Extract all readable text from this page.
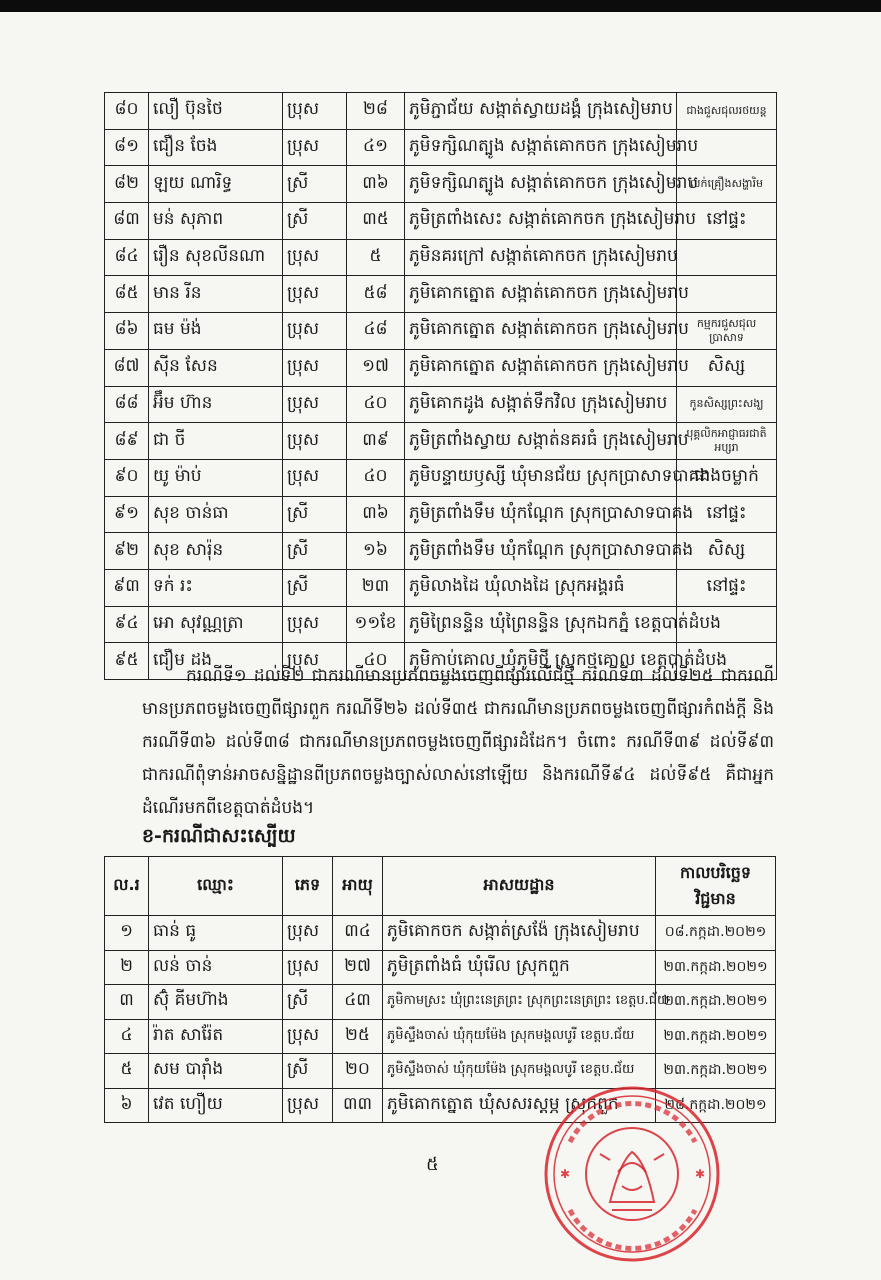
៨០	លឿ ប៊ុនថៃ	ប្រុស	២៨	ភូមិភ្ជាជ័យ សង្កាត់ស្វាយដង្គំ ក្រុងសៀមរាប	ជាងជួសជុលរថយន្ត
៨១	ជឿន ចែង	ប្រុស	៤១	ភូមិទក្សិណត្បូង សង្កាត់គោកចក ក្រុងសៀមរាប	
៨២	ឡយ ណារិទ្ធ	ស្រី	៣៦	ភូមិទក្សិណត្បូង សង្កាត់គោកចក ក្រុងសៀមរាប	លក់គ្រឿងសង្ហារិម
៨៣	មន់ សុភាព	ស្រី	៣៥	ភូមិត្រពាំងសេះ សង្កាត់គោកចក ក្រុងសៀមរាប	នៅផ្ទះ
៨៤	រឿន សុខលីនណា	ប្រុស	៥	ភូមិនគរក្រៅ សង្កាត់គោកចក ក្រុងសៀមរាប	
៨៥	មាន រីន	ប្រុស	៥៨	ភូមិគោកត្នោត សង្កាត់គោកចក ក្រុងសៀមរាប	
៨៦	ធម ម៉ង់	ប្រុស	៤៨	ភូមិគោកត្នោត សង្កាត់គោកចក ក្រុងសៀមរាប	កម្មករជួសជុលប្រាសាទ
៨៧	ស៊ីន សែន	ប្រុស	១៧	ភូមិគោកត្នោត សង្កាត់គោកចក ក្រុងសៀមរាប	សិស្ស
៨៨	អ៊ឹម ហ៊ាន	ប្រុស	៤០	ភូមិគោកដូង សង្កាត់ទឹកវិល ក្រុងសៀមរាប	កូនសិស្សព្រះសង្ឃ
៨៩	ជា ចី	ប្រុស	៣៩	ភូមិត្រពាំងស្វាយ សង្កាត់នគរធំ ក្រុងសៀមរាប	បុគ្គលិកអាជ្ញាធរជាតិអប្សរា
៩០	យូ ម៉ាប់	ប្រុស	៤០	ភូមិបន្ទាយឫស្សី ឃុំមានជ័យ ស្រុកប្រាសាទបាគង	ជាងចម្លាក់
៩១	សុខ ចាន់ធា	ស្រី	៣៦	ភូមិត្រពាំងទឹម ឃុំកណ្ដែក ស្រុកប្រាសាទបាគង	នៅផ្ទះ
៩២	សុខ សារ៉ុន	ស្រី	១៦	ភូមិត្រពាំងទឹម ឃុំកណ្ដែក ស្រុកប្រាសាទបាគង	សិស្ស
៩៣	ទក់ រះ	ស្រី	២៣	ភូមិលាងដៃ ឃុំលាងដៃ ស្រុកអង្គរធំ	នៅផ្ទះ
៩៤	អោ សុវណ្ណត្រា	ប្រុស	១១ខែ	ភូមិព្រៃនន្ទិន ឃុំព្រៃនន្ទិន ស្រុកឯកភ្នំ ខេត្តបាត់ដំបង	
៩៥	ជឿម ដង	ប្រុស	៤០	ភូមិកាប់គោល ឃុំភូមិថ្មី ស្រុកថ្មគោល ខេត្តបាត់ដំបង	
ករណីទី១ ដល់ទី២ ជាករណីមានប្រភពចម្លងចេញពីផ្សារលើជំថ្មី ករណីទី៣ ដល់ទី២៥ ជាករណីមានប្រភពចម្លងចេញពីផ្សារពួក ករណីទី២៦ ដល់ទី៣៥ ជាករណីមានប្រភពចម្លងចេញពីផ្សារកំពង់ក្ដី និងករណីទី៣៦ ដល់ទី៣៨ ជាករណីមានប្រភពចម្លងចេញពីផ្សារដំដែក។ ចំពោះ ករណីទី៣៩ ដល់ទី៩៣ ជាករណីពុំទាន់អាចសន្និដ្ឋានពីប្រភពចម្លងច្បាស់លាស់នៅឡើយ និងករណីទី៩៤ ដល់ទី៩៥ គឺជាអ្នកដំណើរមកពីខេត្តបាត់ដំបង។
ខ-ករណីជាសះស្បើយ
ល.រ	ឈ្មោះ	ភេទ	អាយុ	អាសយដ្ឋាន	កាលបរិច្ឆេទវិជ្ជមាន
១	ធាន់ ធូ	ប្រុស	៣៤	ភូមិគោកចក សង្កាត់ស្រង៉ែ ក្រុងសៀមរាប	០៨.កក្កដា.២០២១
២	លន់ ចាន់	ប្រុស	២៧	ភូមិត្រពាំងធំ ឃុំរើល ស្រុកពួក	២៣.កក្កដា.២០២១
៣	ស៊ុំ គីមហ៊ាង	ស្រី	៤៣	ភូមិកាមស្រះ ឃុំព្រះនេត្រព្រះ ស្រុកព្រះនេត្រព្រះ ខេត្តប.ជ័យ	២៣.កក្កដា.២០២១
៤	រ៉ាត សារ៉ែត	ប្រុស	២៥	ភូមិស្ទឹងចាស់ ឃុំកុយម៉ែង ស្រុកមង្គលបូរី ខេត្តប.ជ័យ	២៣.កក្កដា.២០២១
៥	សម បារ៉ាំង	ស្រី	២០	ភូមិស្ទឹងចាស់ ឃុំកុយម៉ែង ស្រុកមង្គលបូរី ខេត្តប.ជ័យ	២៣.កក្កដា.២០២១
៦	វេត ហឿយ	ប្រុស	៣៣	ភូមិគោកត្នោត ឃុំសសរស្តម្ភ ស្រុកពួក	២៨.កក្កដា.២០២១
៥	✱	✱
